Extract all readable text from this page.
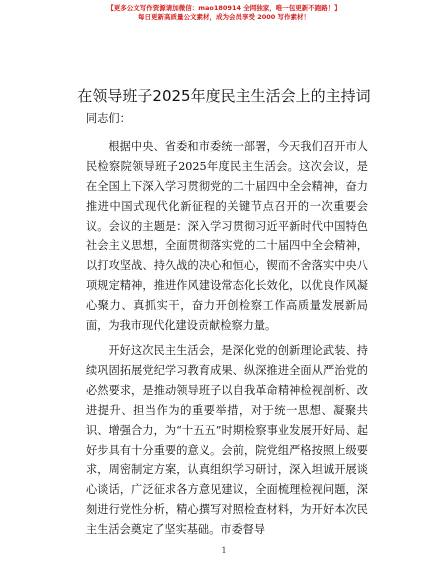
【更多公文写作资源请加微信：mao180914 全网独家，唯一包更新不跑路！】
每日更新高质量公文素材，成为会员享受 2000 写作素材！
在领导班子2025年度民主生活会上的主持词

同志们：

根据中央、省委和市委统一部署，今天我们召开市人民检察院领导班子2025年度民主生活会。这次会议，是在全国上下深入学习贯彻党的二十届四中全会精神，奋力推进中国式现代化新征程的关键节点召开的一次重要会议。会议的主题是：深入学习贯彻习近平新时代中国特色社会主义思想，全面贯彻落实党的二十届四中全会精神，以打攻坚战、持久战的决心和恒心，锲而不舍落实中央八项规定精神，推进作风建设常态化长效化，以优良作风凝心聚力、真抓实干，奋力开创检察工作高质量发展新局面，为我市现代化建设贡献检察力量。

开好这次民主生活会，是深化党的创新理论武装、持续巩固拓展党纪学习教育成果、纵深推进全面从严治党的必然要求，是推动领导班子以自我革命精神检视剖析、改进提升、担当作为的重要举措，对于统一思想、凝聚共识、增强合力，为“十五五”时期检察事业发展开好局、起好步具有十分重要的意义。会前，院党组严格按照上级要求，周密制定方案，认真组织学习研讨，深入坦诚开展谈心谈话，广泛征求各方意见建议，全面梳理检视问题，深刻进行党性分析，精心撰写对照检查材料，为开好本次民主生活会奠定了坚实基础。市委督导

1
